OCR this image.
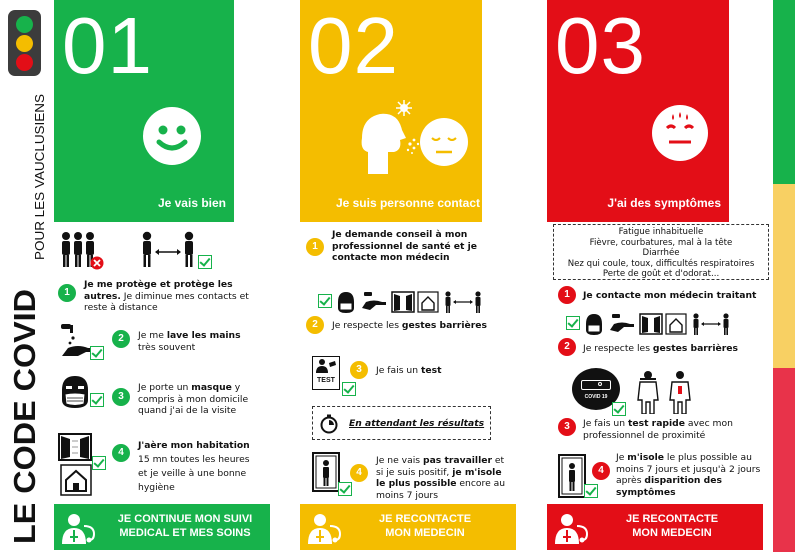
LE CODE COVID
POUR LES VAUCLUSIENS
01
Je vais bien
1
Je me protège et protège les autres. Je diminue mes contacts et reste à distance
2	Je me lave les mains très souvent
3
Je porte un masque y compris à mon domicile quand j'ai de la visite
4
J'aère mon habitation 15 mn toutes les heures et je veille à une bonne hygiène
JE CONTINUE MON SUIVI MEDICAL ET MES SOINS
02
Je suis personne contact
1
Je demande conseil à mon professionnel de santé et je contacte mon médecin
2	Je respecte les gestes barrières
TEST
3	Je fais un test
En attendant les résultats
4
Je ne vais pas travailler et si je suis positif, je m'isole le plus possible encore au moins 7 jours
JE RECONTACTE MON MEDECIN
03
J'ai des symptômes
Fatigue inhabituelle
Fièvre, courbatures, mal à la tête
Diarrhée
Nez qui coule, toux, difficultés respiratoires
Perte de goût et d'odorat...
1	Je contacte mon médecin traitant
2	Je respecte les gestes barrières
COVID 19
3	Je fais un test rapide avec mon professionnel de proximité
4
Je m'isole le plus possible au moins 7 jours et jusqu'à 2 jours après disparition des symptômes
JE RECONTACTE MON MEDECIN
